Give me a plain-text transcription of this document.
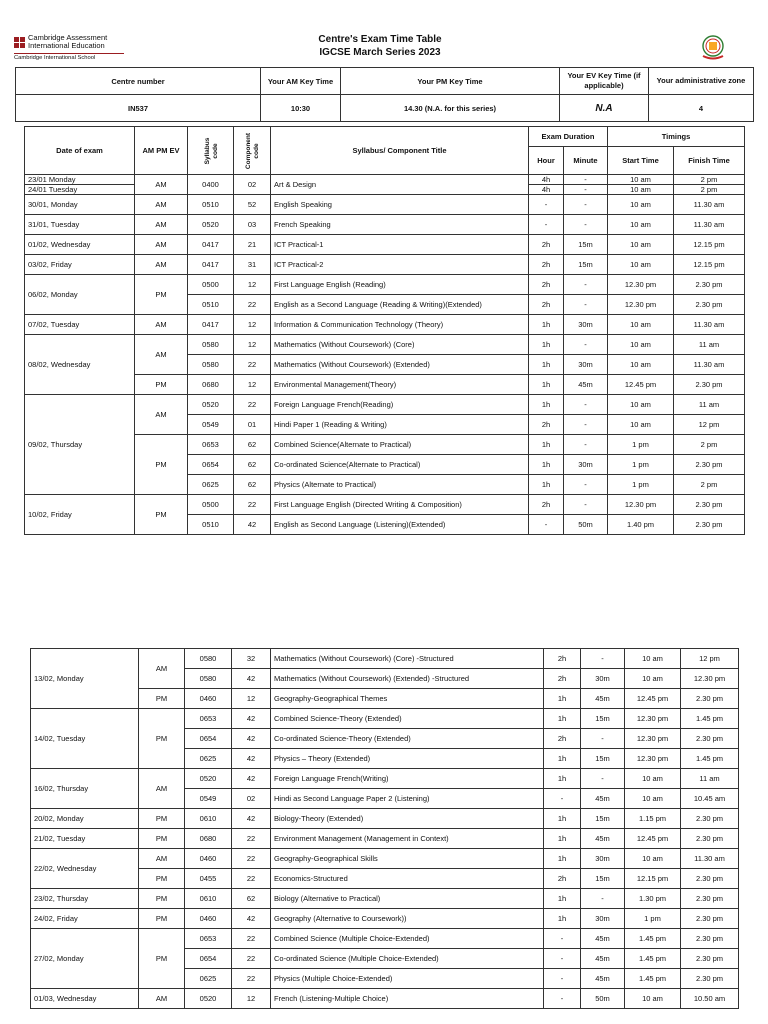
Cambridge Assessment
International Education
Cambridge International School
Centre's Exam Time Table
IGCSE March Series 2023
Centre number	Your AM Key Time	Your PM Key Time	Your EV Key Time (if applicable)	Your administrative zone
IN537	10:30	14.30 (N.A. for this series)	N.A	4
Date of exam	AM PM EV	Syllabus code	Component code	Syllabus/ Component Title	Exam Duration		Timings	
					Hour	Minute	Start Time	Finish Time
23/01 Monday	AM	0400	02	Art & Design	4h	-	10 am	2 pm
24/01 Tuesday					4h	-	10 am	2 pm
30/01, Monday	AM	0510	52	English Speaking	-	-	10 am	11.30 am
31/01, Tuesday	AM	0520	03	French Speaking	-	-	10 am	11.30 am
01/02, Wednesday	AM	0417	21	ICT Practical-1	2h	15m	10 am	12.15 pm
03/02, Friday	AM	0417	31	ICT Practical-2	2h	15m	10 am	12.15 pm
06/02, Monday	PM	0500	12	First Language English (Reading)	2h	-	12.30 pm	2.30 pm
		0510	22	English as a Second Language (Reading & Writing)(Extended)	2h	-	12.30 pm	2.30 pm
07/02, Tuesday	AM	0417	12	Information & Communication Technology (Theory)	1h	30m	10 am	11.30 am
08/02, Wednesday	AM	0580	12	Mathematics (Without Coursework) (Core)	1h	-	10 am	11 am
		0580	22	Mathematics (Without Coursework) (Extended)	1h	30m	10 am	11.30 am
	PM	0680	12	Environmental Management(Theory)	1h	45m	12.45 pm	2.30 pm
09/02, Thursday	AM	0520	22	Foreign Language French(Reading)	1h	-	10 am	11 am
		0549	01	Hindi Paper 1 (Reading & Writing)	2h	-	10 am	12 pm
	PM	0653	62	Combined Science(Alternate to Practical)	1h	-	1 pm	2 pm
		0654	62	Co-ordinated Science(Alternate to Practical)	1h	30m	1 pm	2.30 pm
		0625	62	Physics (Alternate to Practical)	1h	-	1 pm	2 pm
10/02, Friday	PM	0500	22	First Language English (Directed Writing & Composition)	2h	-	12.30 pm	2.30 pm
		0510	42	English as Second Language (Listening)(Extended)	-	50m	1.40 pm	2.30 pm
13/02, Monday	AM	0580	32	Mathematics (Without Coursework) (Core) -Structured	2h	-	10 am	12 pm
		0580	42	Mathematics (Without Coursework) (Extended) -Structured	2h	30m	10 am	12.30 pm
	PM	0460	12	Geography-Geographical Themes	1h	45m	12.45 pm	2.30 pm
14/02, Tuesday	PM	0653	42	Combined Science-Theory (Extended)	1h	15m	12.30 pm	1.45 pm
		0654	42	Co-ordinated Science-Theory (Extended)	2h	-	12.30 pm	2.30 pm
		0625	42	Physics – Theory (Extended)	1h	15m	12.30 pm	1.45 pm
16/02, Thursday	AM	0520	42	Foreign Language French(Writing)	1h	-	10 am	11 am
		0549	02	Hindi as Second Language Paper 2 (Listening)	-	45m	10 am	10.45 am
20/02, Monday	PM	0610	42	Biology-Theory (Extended)	1h	15m	1.15 pm	2.30 pm
21/02, Tuesday	PM	0680	22	Environment Management (Management in Context)	1h	45m	12.45 pm	2.30 pm
22/02, Wednesday	AM	0460	22	Geography-Geographical Skills	1h	30m	10 am	11.30 am
	PM	0455	22	Economics-Structured	2h	15m	12.15 pm	2.30 pm
23/02, Thursday	PM	0610	62	Biology (Alternative to Practical)	1h	-	1.30 pm	2.30 pm
24/02, Friday	PM	0460	42	Geography (Alternative to Coursework))	1h	30m	1 pm	2.30 pm
27/02, Monday	PM	0653	22	Combined Science (Multiple Choice-Extended)	-	45m	1.45 pm	2.30 pm
		0654	22	Co-ordinated Science (Multiple Choice-Extended)	-	45m	1.45 pm	2.30 pm
		0625	22	Physics (Multiple Choice-Extended)	-	45m	1.45 pm	2.30 pm
01/03, Wednesday	AM	0520	12	French (Listening-Multiple Choice)	-	50m	10 am	10.50 am
